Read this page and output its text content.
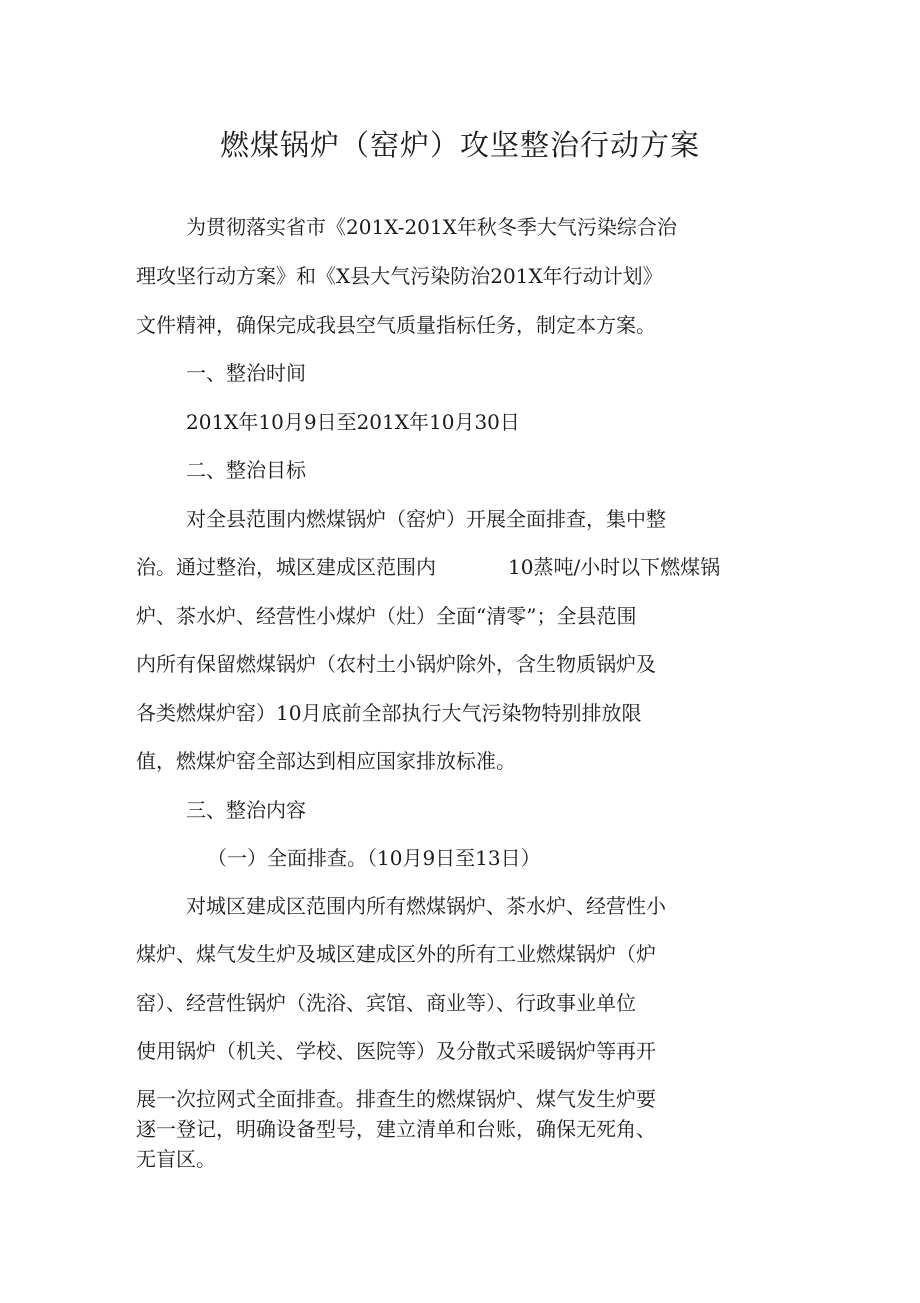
燃煤锅炉（窑炉）攻坚整治行动方案
为贯彻落实省市《201X-201X年秋冬季大气污染综合治
理攻坚行动方案》和《X县大气污染防治201X年行动计划》
文件精神，确保完成我县空气质量指标任务，制定本方案。
一、整治时间
201X年10月9日至201X年10月30日
二、整治目标
对全县范围内燃煤锅炉（窑炉）开展全面排查，集中整
治。通过整治，城区建成区范围内	10蒸吨/小时以下燃煤锅
炉、茶水炉、经营性小煤炉（灶）全面“清零”；全县范围
内所有保留燃煤锅炉（农村土小锅炉除外，含生物质锅炉及
各类燃煤炉窑）10月底前全部执行大气污染物特别排放限
值，燃煤炉窑全部达到相应国家排放标准。
三、整治内容
（一）全面排查。（10月9日至13日）
对城区建成区范围内所有燃煤锅炉、茶水炉、经营性小
煤炉、煤气发生炉及城区建成区外的所有工业燃煤锅炉（炉
窑）、经营性锅炉（洗浴、宾馆、商业等）、行政事业单位
使用锅炉（机关、学校、医院等）及分散式采暖锅炉等再开
展一次拉网式全面排查。排查生的燃煤锅炉、煤气发生炉要
逐一登记，明确设备型号，建立清单和台账，确保无死角、
无盲区。
